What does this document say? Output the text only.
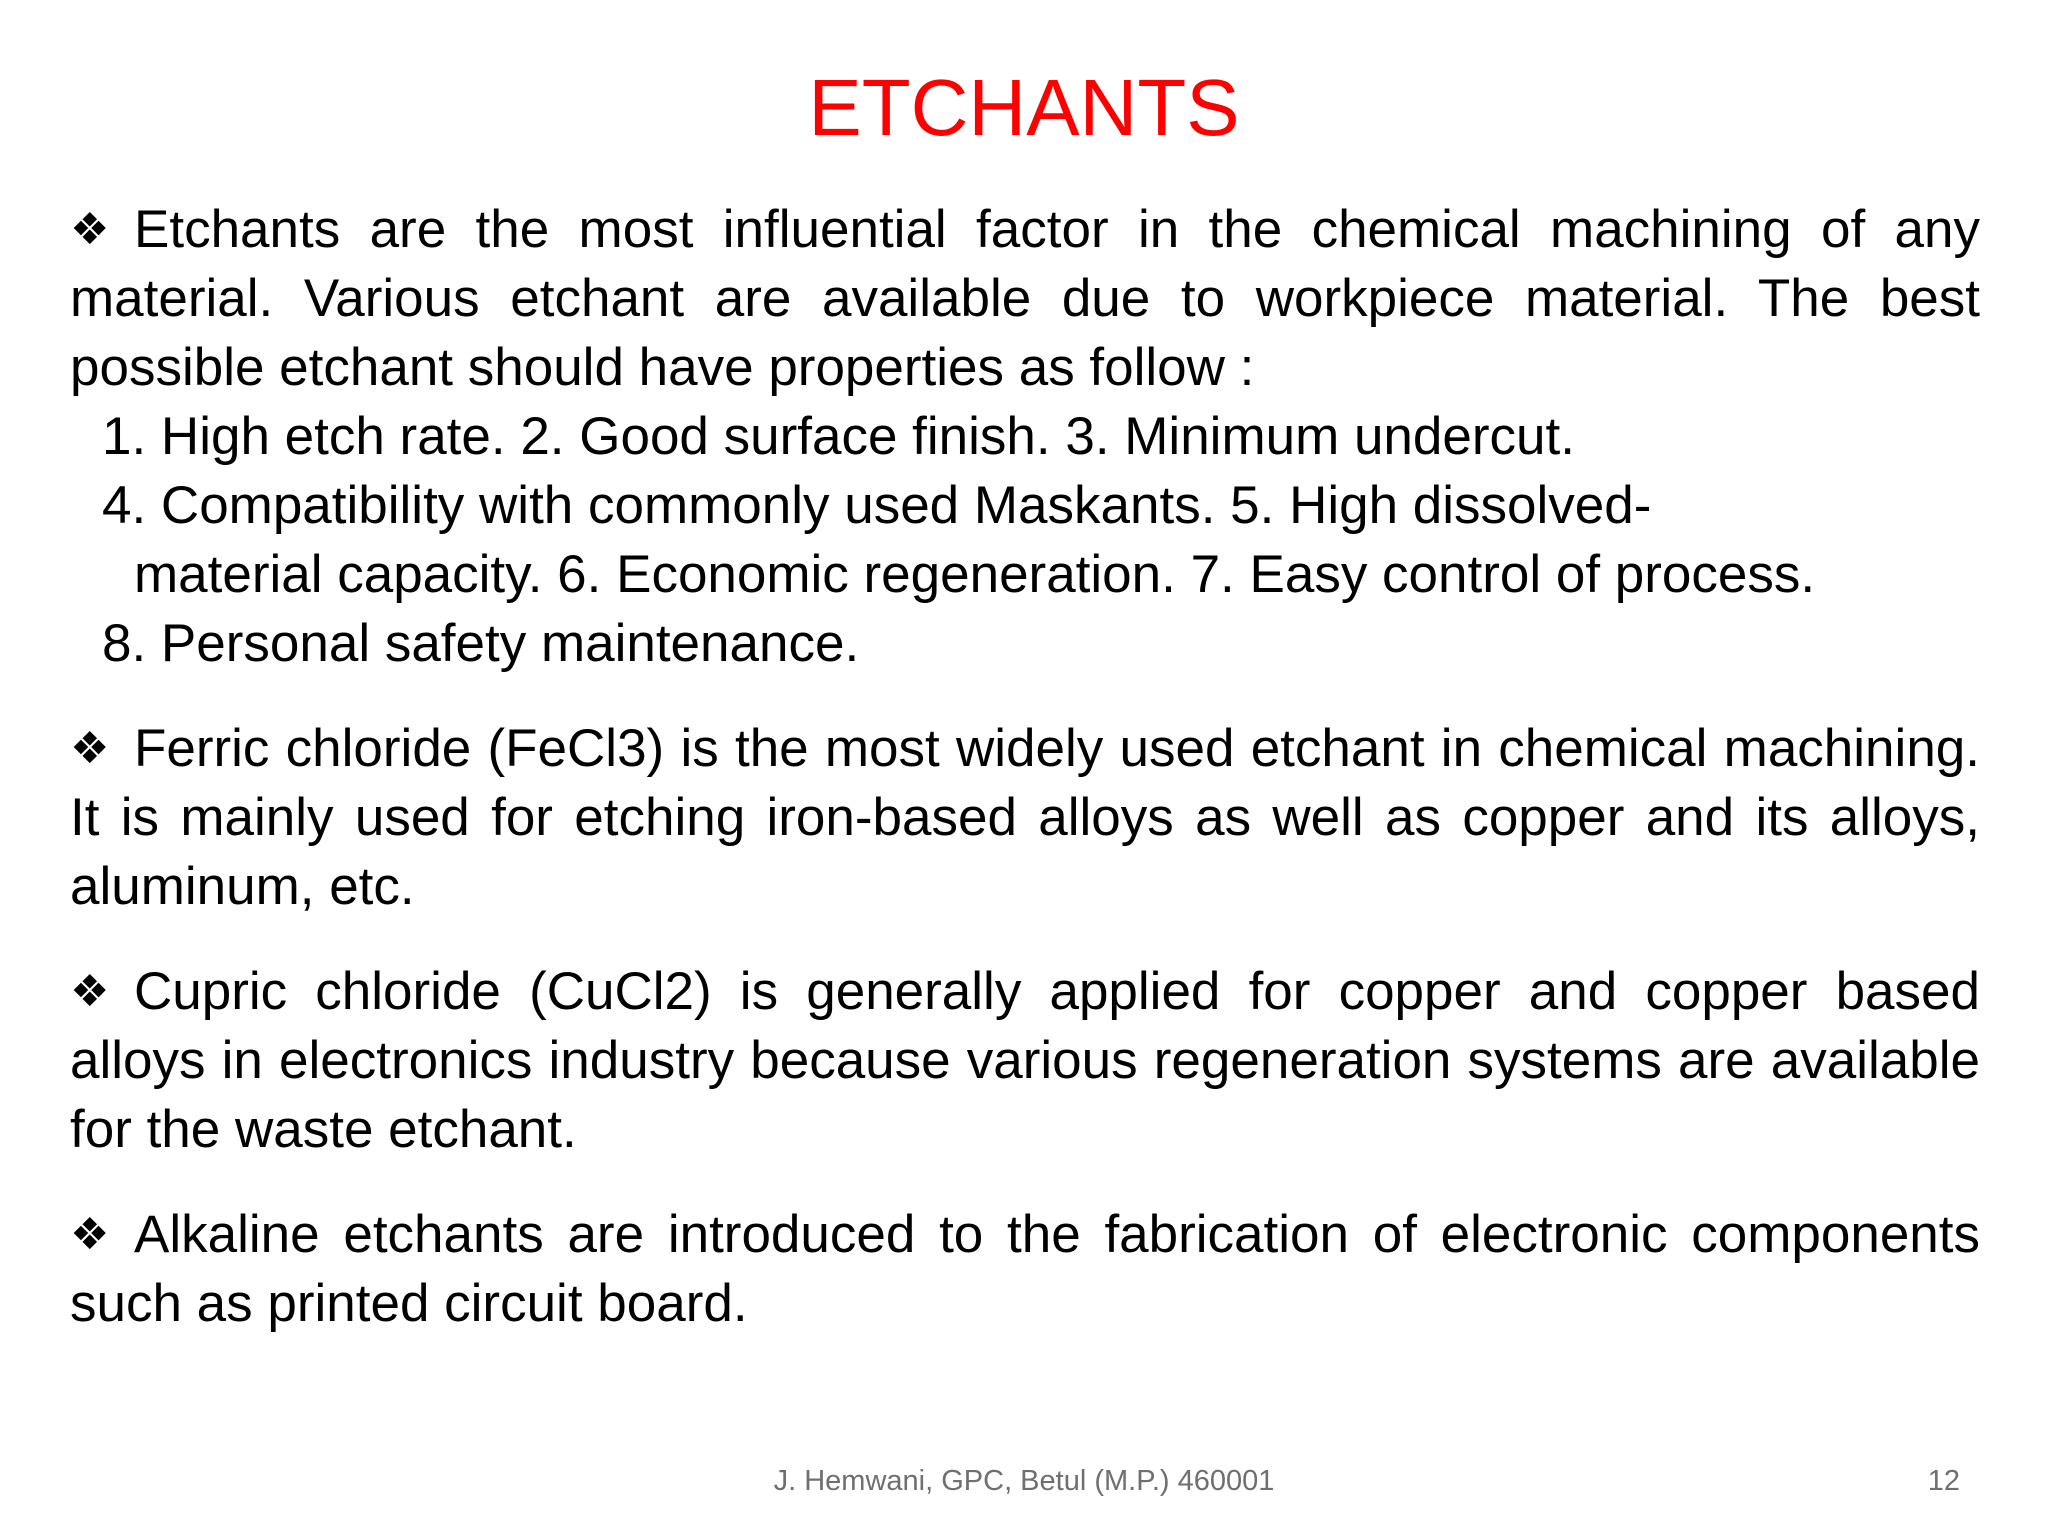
ETCHANTS

❖ Etchants are the most influential factor in the chemical machining of any material. Various etchant are available due to workpiece material. The best possible etchant should have properties as follow :

1. High etch rate. 2. Good surface finish. 3. Minimum undercut.
4. Compatibility with commonly used Maskants. 5. High dissolved-
material capacity. 6. Economic regeneration. 7. Easy control of process.
8. Personal safety maintenance.

❖ Ferric chloride (FeCl3) is the most widely used etchant in chemical machining. It is mainly used for etching iron-based alloys as well as copper and its alloys, aluminum, etc.

❖ Cupric chloride (CuCl2) is generally applied for copper and copper based alloys in electronics industry because various regeneration systems are available for the waste etchant.

❖ Alkaline etchants are introduced to the fabrication of electronic components such as printed circuit board.

J. Hemwani, GPC, Betul (M.P.) 460001	12
